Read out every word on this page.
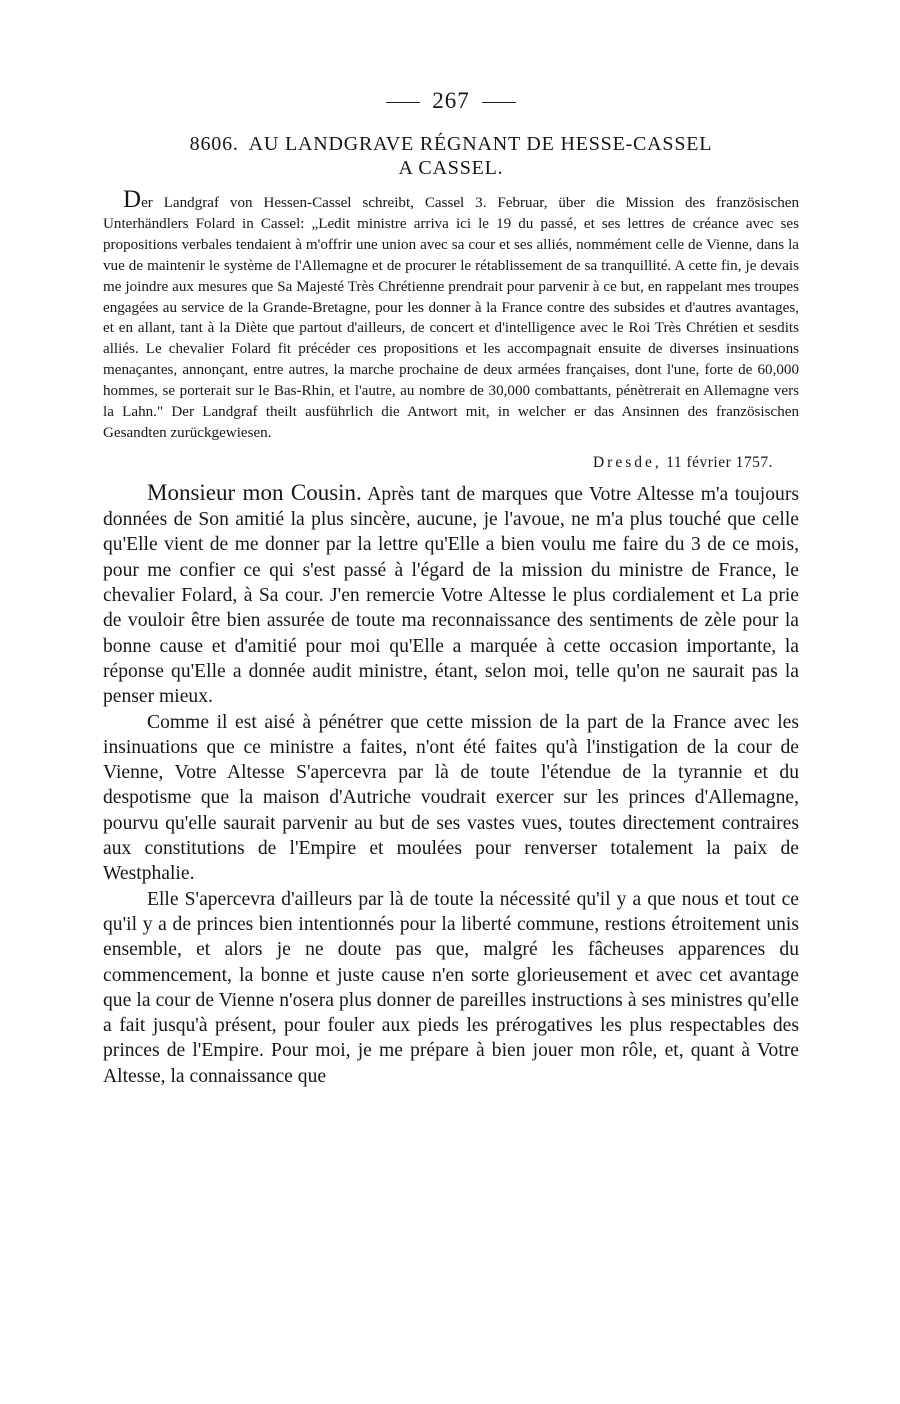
267
8606. AU LANDGRAVE RÉGNANT DE HESSE-CASSEL
A CASSEL.
Der Landgraf von Hessen-Cassel schreibt, Cassel 3. Februar, über die Mission des französischen Unterhändlers Folard in Cassel: „Ledit ministre arriva ici le 19 du passé, et ses lettres de créance avec ses propositions verbales tendaient à m'offrir une union avec sa cour et ses alliés, nommément celle de Vienne, dans la vue de maintenir le système de l'Allemagne et de procurer le rétablissement de sa tranquillité. A cette fin, je devais me joindre aux mesures que Sa Majesté Très Chrétienne prendrait pour parvenir à ce but, en rappelant mes troupes engagées au service de la Grande-Bretagne, pour les donner à la France contre des subsides et d'autres avantages, et en allant, tant à la Diète que partout d'ailleurs, de concert et d'intelligence avec le Roi Très Chrétien et sesdits alliés. Le chevalier Folard fit précéder ces propositions et les accompagnait ensuite de diverses insinuations menaçantes, annonçant, entre autres, la marche prochaine de deux armées françaises, dont l'une, forte de 60,000 hommes, se porterait sur le Bas-Rhin, et l'autre, au nombre de 30,000 combattants, pénètrerait en Allemagne vers la Lahn." Der Landgraf theilt ausführlich die Antwort mit, in welcher er das Ansinnen des französischen Gesandten zurückgewiesen.
Dresde, 11 février 1757.

Monsieur mon Cousin. Après tant de marques que Votre Altesse m'a toujours données de Son amitié la plus sincère, aucune, je l'avoue, ne m'a plus touché que celle qu'Elle vient de me donner par la lettre qu'Elle a bien voulu me faire du 3 de ce mois, pour me confier ce qui s'est passé à l'égard de la mission du ministre de France, le chevalier Folard, à Sa cour. J'en remercie Votre Altesse le plus cordialement et La prie de vouloir être bien assurée de toute ma reconnaissance des sentiments de zèle pour la bonne cause et d'amitié pour moi qu'Elle a marquée à cette occasion importante, la réponse qu'Elle a donnée audit ministre, étant, selon moi, telle qu'on ne saurait pas la penser mieux.

Comme il est aisé à pénétrer que cette mission de la part de la France avec les insinuations que ce ministre a faites, n'ont été faites qu'à l'instigation de la cour de Vienne, Votre Altesse S'apercevra par là de toute l'étendue de la tyrannie et du despotisme que la maison d'Autriche voudrait exercer sur les princes d'Allemagne, pourvu qu'elle saurait parvenir au but de ses vastes vues, toutes directement contraires aux constitutions de l'Empire et moulées pour renverser totalement la paix de Westphalie.

Elle S'apercevra d'ailleurs par là de toute la nécessité qu'il y a que nous et tout ce qu'il y a de princes bien intentionnés pour la liberté commune, restions étroitement unis ensemble, et alors je ne doute pas que, malgré les fâcheuses apparences du commencement, la bonne et juste cause n'en sorte glorieusement et avec cet avantage que la cour de Vienne n'osera plus donner de pareilles instructions à ses ministres qu'elle a fait jusqu'à présent, pour fouler aux pieds les prérogatives les plus respectables des princes de l'Empire. Pour moi, je me prépare à bien jouer mon rôle, et, quant à Votre Altesse, la connaissance que
